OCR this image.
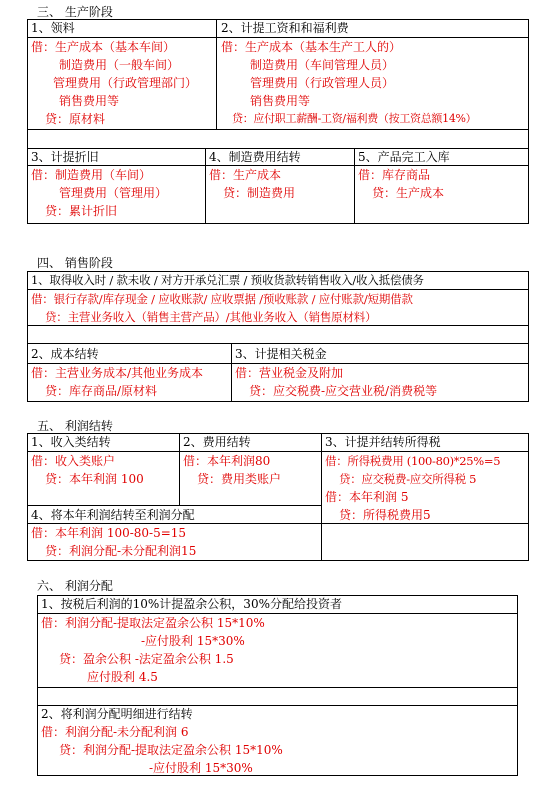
三、 生产阶段
1、领料
借：生产成本（基本车间）
制造费用（一般车间）
管理费用（行政管理部门）
销售费用等
贷：原材料
2、计提工资和和福利费
借：生产成本（基本生产工人的）
制造费用（车间管理人员）
管理费用（行政管理人员）
销售费用等
贷：应付职工薪酬-工资/福利费（按工资总额14%）
3、计提折旧
借：制造费用（车间）
管理费用（管理用）
贷：累计折旧
4、制造费用结转
借：生产成本
贷：制造费用
5、产品完工入库
借：库存商品
贷：生产成本
四、 销售阶段
1、取得收入时 / 款未收 / 对方开承兑汇票 / 预收货款转销售收入/收入抵偿债务
借：银行存款/库存现金 / 应收账款/ 应收票据 /预收账款 / 应付账款/短期借款
贷：主营业务收入（销售主营产品）/其他业务收入（销售原材料）
2、成本结转
借：主营业务成本/其他业务成本
贷：库存商品/原材料
3、计提相关税金
借：营业税金及附加
贷：应交税费-应交营业税/消费税等
五、 利润结转
1、收入类结转
借：收入类账户
贷：本年利润 100
2、费用结转
借：本年利润80
贷：费用类账户
3、计提并结转所得税
借：所得税费用 (100-80)*25%=5
贷：应交税费-应交所得税 5
借：本年利润 5
贷：所得税费用5
4、将本年利润结转至利润分配
借：本年利润 100-80-5=15
贷：利润分配-未分配利润15
六、 利润分配
1、按税后利润的10%计提盈余公积，30%分配给投资者
借：利润分配-提取法定盈余公积 15*10%
-应付股利 15*30%
贷：盈余公积 -法定盈余公积 1.5
应付股利 4.5
2、将利润分配明细进行结转
借：利润分配-未分配利润 6
贷：利润分配-提取法定盈余公积 15*10%
-应付股利 15*30%
